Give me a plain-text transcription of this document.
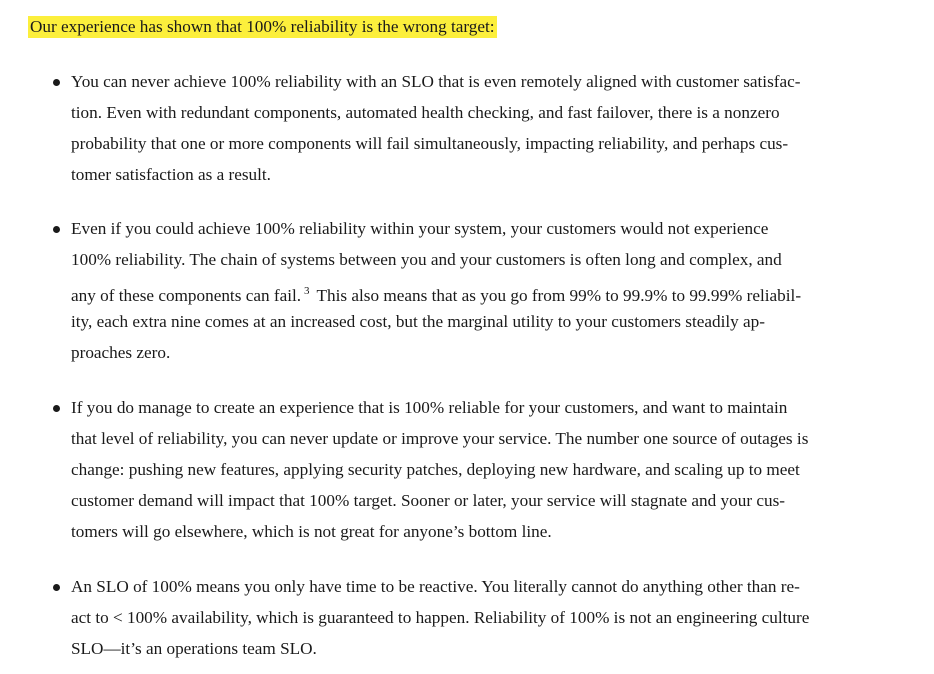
Our experience has shown that 100% reliability is the wrong target:
You can never achieve 100% reliability with an SLO that is even remotely aligned with customer satisfac-
tion. Even with redundant components, automated health checking, and fast failover, there is a nonzero
probability that one or more components will fail simultaneously, impacting reliability, and perhaps cus-
tomer satisfaction as a result.
Even if you could achieve 100% reliability within your system, your customers would not experience
100% reliability. The chain of systems between you and your customers is often long and complex, and
any of these components can fail. $^3$ This also means that as you go from 99% to 99.9% to 99.99% reliabil-
ity, each extra nine comes at an increased cost, but the marginal utility to your customers steadily ap-
proaches zero.
If you do manage to create an experience that is 100% reliable for your customers, and want to maintain
that level of reliability, you can never update or improve your service. The number one source of outages is
change: pushing new features, applying security patches, deploying new hardware, and scaling up to meet
customer demand will impact that 100% target. Sooner or later, your service will stagnate and your cus-
tomers will go elsewhere, which is not great for anyone’s bottom line.
An SLO of 100% means you only have time to be reactive. You literally cannot do anything other than re-
act to < 100% availability, which is guaranteed to happen. Reliability of 100% is not an engineering culture
SLO—it’s an operations team SLO.
